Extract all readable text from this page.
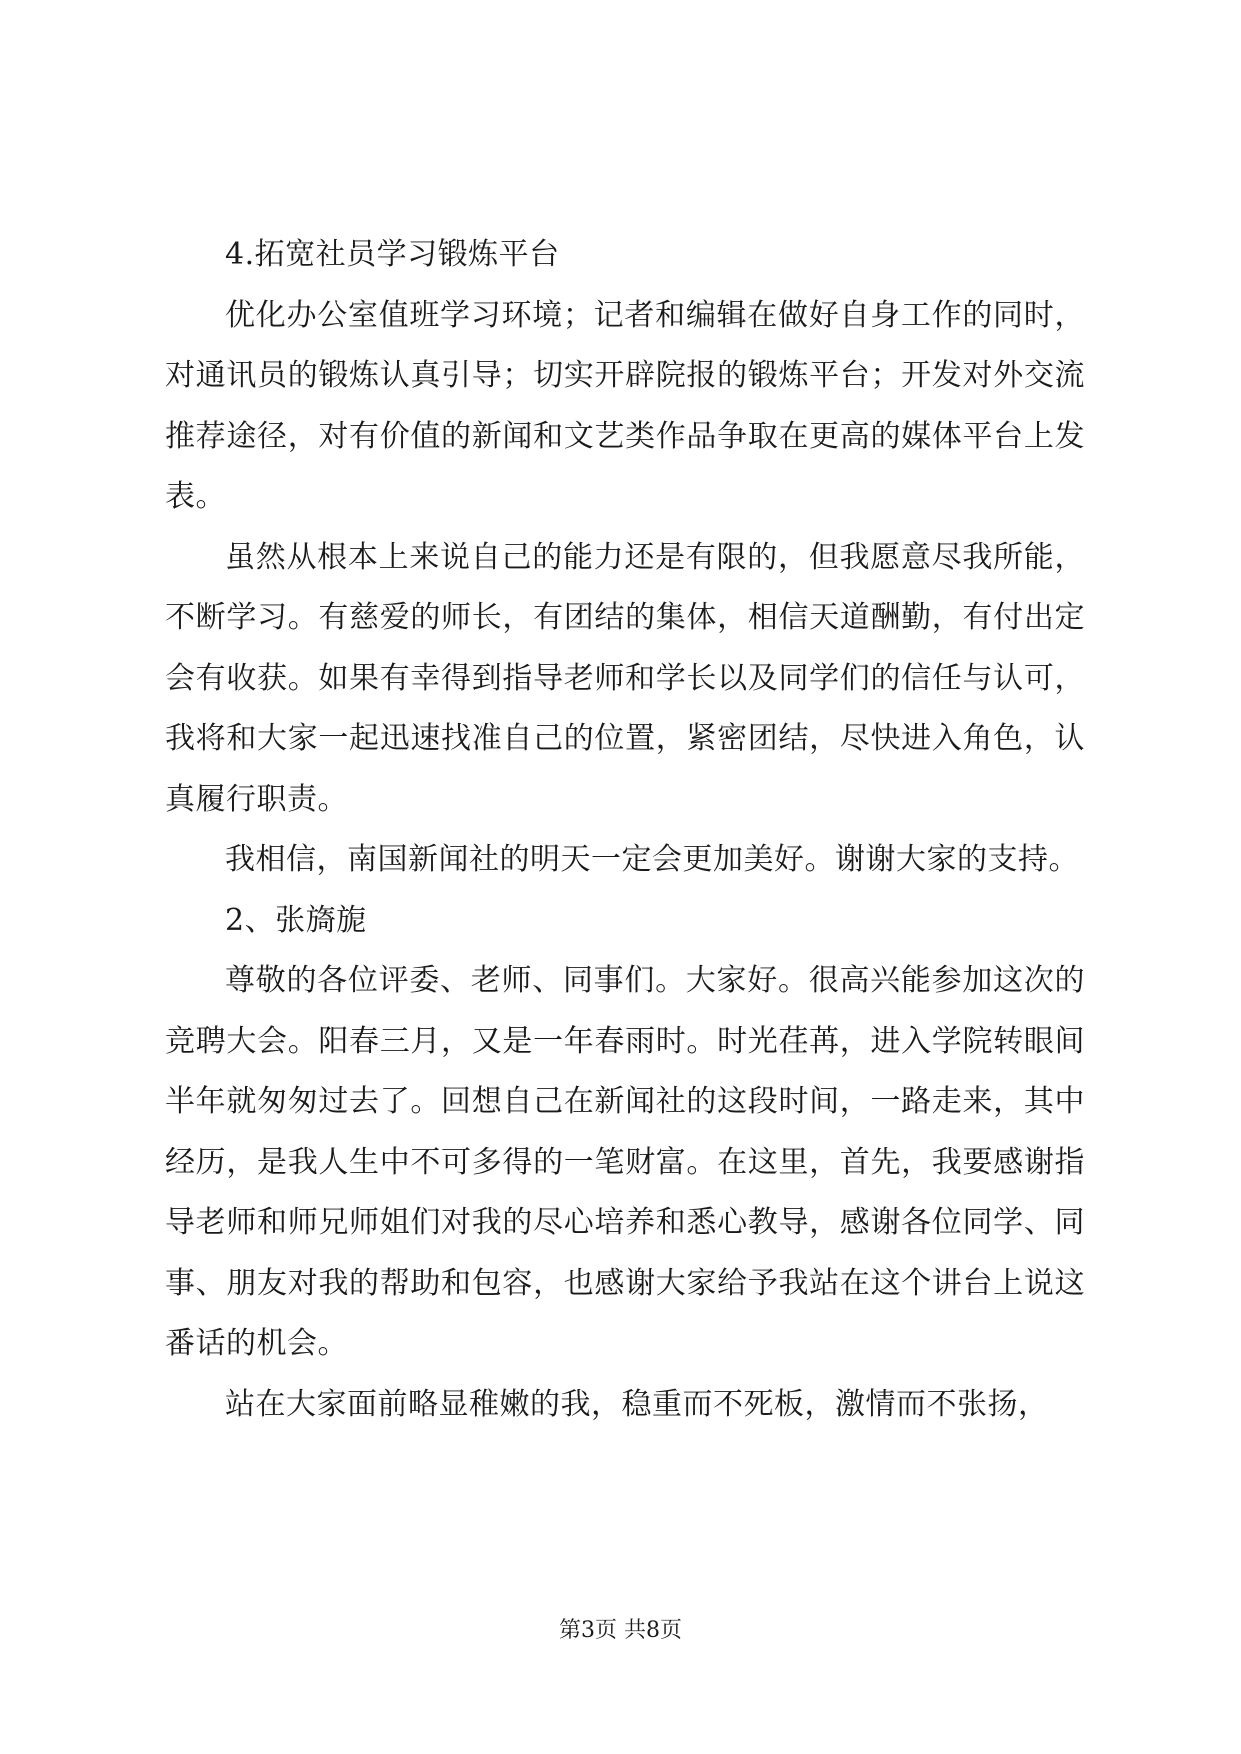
4.拓宽社员学习锻炼平台

优化办公室值班学习环境；记者和编辑在做好自身工作的同时，对通讯员的锻炼认真引导；切实开辟院报的锻炼平台；开发对外交流推荐途径，对有价值的新闻和文艺类作品争取在更高的媒体平台上发表。

虽然从根本上来说自己的能力还是有限的，但我愿意尽我所能，不断学习。有慈爱的师长，有团结的集体，相信天道酬勤，有付出定会有收获。如果有幸得到指导老师和学长以及同学们的信任与认可，我将和大家一起迅速找准自己的位置，紧密团结，尽快进入角色，认真履行职责。

我相信，南国新闻社的明天一定会更加美好。谢谢大家的支持。

2、张旖旎

尊敬的各位评委、老师、同事们。大家好。很高兴能参加这次的竞聘大会。阳春三月，又是一年春雨时。时光荏苒，进入学院转眼间半年就匆匆过去了。回想自己在新闻社的这段时间，一路走来，其中经历，是我人生中不可多得的一笔财富。在这里，首先，我要感谢指导老师和师兄师姐们对我的尽心培养和悉心教导，感谢各位同学、同事、朋友对我的帮助和包容，也感谢大家给予我站在这个讲台上说这番话的机会。

站在大家面前略显稚嫩的我，稳重而不死板，激情而不张扬，

第3页 共8页
